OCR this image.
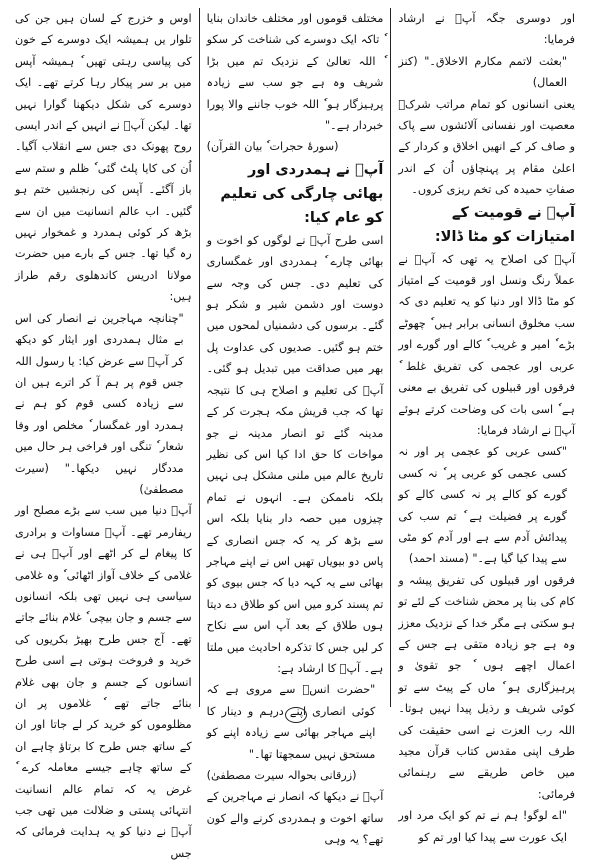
اور دوسری جگہ آپؐ نے ارشاد فرمایا:

"بعثت لاتمم مکارم الاخلاق۔" (کنز العمال)

یعنی انسانوں کو تمام مراتب شرکؔ معصیت اور نفسانی آلائشوں سے پاک و صاف کر کے انھیں اخلاق و کردار کے اعلیٰ مقام پر پہنچاؤں اُن کے اندر صفاتِ حمیدہ کی تخم ریزی کروں۔

آپؐ نے قومیت کے امتیازات کو مٹا ڈالا:

آپؐ کی اصلاح یہ تھی کہ آپؐ نے عملاً رنگ ونسل اور قومیت کے امتیاز کو مٹا ڈالا اور دنیا کو یہ تعلیم دی کہ سب مخلوق انسانی برابر ہیں ٗ چھوٹے بڑے ٗ امیر و غریب ٗ کالے اور گورے اور عربی اور عجمی کی تفریق غلط ٗ فرقوں اور قبیلوں کی تفریق بے معنی ہے ٗ اسی بات کی وضاحت کرتے ہوئے آپؐ نے ارشاد فرمایا:

"کسی عربی کو عجمی پر اور نہ کسی عجمی کو عربی پر ٗ نہ کسی گورے کو کالے پر نہ کسی کالے کو گورے پر فضیلت ہے ٗ تم سب کی پیدائش آدم سے ہے اور آدم کو مٹی سے پیدا کیا گیا ہے۔" (مسند احمد)

فرقوں اور قبیلوں کی تفریق پیشہ و کام کی بنا پر محض شناخت کے لئے تو ہو سکتی ہے مگر خدا کے نزدیک معزز وہ ہے جو زیادہ متقی ہے جس کے اعمال اچھے ہوں ٗ جو تقویٰ و پرہیزگاری ہو ٗ ماں کے پیٹ سے تو کوئی شریف و رذیل پیدا نہیں ہوتا۔ اللہ رب العزت نے اسی حقیقت کی طرف اپنی مقدس کتاب قرآن مجید میں خاص طریقے سے رہنمائی فرمائی:

"اے لوگو! ہم نے تم کو ایک مرد اور ایک عورت سے پیدا کیا اور تم کو

مختلف قوموں اور مختلف خاندان بنایا ٗ تاکہ ایک دوسرے کی شناخت کر سکو ٗ اللہ تعالیٰ کے نزدیک تم میں بڑا شریف وہ ہے جو سب سے زیادہ پرہیزگار ہو ٗ اللہ خوب جاننے والا پورا خبردار ہے۔"

(سورۂ حجرات ٗ بیان القرآن)

آپؐ نے ہمدردی اور بھائی چارگی کی تعلیم کو عام کیا:

اسی طرح آپؐ نے لوگوں کو اخوت و بھائی چارے ٗ ہمدردی اور غمگساری کی تعلیم دی۔ جس کی وجہ سے دوست اور دشمن شیر و شکر ہو گئے۔ برسوں کی دشمنیاں لمحوں میں ختم ہو گئیں۔ صدیوں کی عداوت پل بھر میں صداقت میں تبدیل ہو گئی۔ آپؐ کی تعلیم و اصلاح ہی کا نتیجہ تھا کہ جب قریش مکہ ہجرت کر کے مدینہ گئے تو انصار مدینہ نے جو مواخات کا حق ادا کیا اس کی نظیر تاریخ عالم میں ملنی مشکل ہی نہیں بلکہ ناممکن ہے۔ انہوں نے تمام چیزوں میں حصہ دار بنایا بلکہ اس سے بڑھ کر یہ کہ جس انصاری کے پاس دو بیویاں تھیں اس نے اپنے مہاجر بھائی سے یہ کہہ دیا کہ جس بیوی کو تم پسند کرو میں اس کو طلاق دے دیتا ہوں طلاق کے بعد آپ اس سے نکاح کر لیں جس کا تذکرہ احادیث میں ملتا ہے۔ آپؐ کا ارشاد ہے:

"حضرت انسؓ سے مروی ہے کہ کوئی انصاری اپنے درہم و دینار کا اپنے مہاجر بھائی سے زیادہ اپنے کو مستحق نہیں سمجھتا تھا۔"

(زرقانی بحوالہ سیرت مصطفیٰ)

آپؐ نے دیکھا کہ انصار نے مہاجرین کے ساتھ اخوت و ہمدردی کرنے والے کون تھے؟ یہ وہی

اوس و خزرج کے لسان ہیں جن کی تلوار یں ہمیشہ ایک دوسرے کے خون کی پیاسی رہتی تھیں ٗ ہمیشہ آپس میں بر سر پیکار رہا کرتے تھے۔ ایک دوسرے کی شکل دیکھنا گوارا نہیں تھا۔ لیکن آپؐ نے انہیں کے اندر ایسی روح پھونک دی جس سے انقلاب آگیا۔ اُن کی کایا پلٹ گئی ٗ ظلم و ستم سے باز آگئے۔ آپس کی رنجشیں ختم ہو گئیں۔ اب عالم انسانیت میں ان سے بڑھ کر کوئی ہمدرد و غمخوار نہیں رہ گیا تھا۔ جس کے بارے میں حضرت مولانا ادریس کاندھلوی رقم طراز ہیں:

"چنانچہ مہاجرین نے انصار کی اس بے مثال ہمدردی اور ایثار کو دیکھ کر آپؐ سے عرض کیا: یا رسول اللہ جس قوم پر ہم آ کر اترے ہیں ان سے زیادہ کسی قوم کو ہم نے ہمدرد اور غمگسار ٗ مخلص اور وفا شعار ٗ تنگی اور فراخی ہر حال میں مددگار نہیں دیکھا۔" (سیرت مصطفیٰ)

آپؐ دنیا میں سب سے بڑے مصلح اور ریفارمر تھے۔ آپؐ مساوات و برادری کا پیغام لے کر اٹھے اور آپؐ ہی نے غلامی کے خلاف آواز اٹھائی ٗ وہ غلامی سیاسی ہی نہیں تھی بلکہ انسانوں سے جسم و جان بیچی ٗ غلام بنائے جاتے تھے۔ آج جس طرح بھیڑ بکریوں کی خرید و فروخت ہوتی ہے اسی طرح انسانوں کے جسم و جان بھی غلام بنائے جاتے تھے ٗ غلاموں پر ان مظلوموں کو خرید کر لے جاتا اور ان کے ساتھ جس طرح کا برتاؤ چاہے ان کے ساتھ چاہے جیسے معاملہ کرے ٗ غرض یہ کہ تمام عالم انسانیت انتہائی پستی و ضلالت میں تھی جب آپؐ نے دنیا کو یہ ہدایت فرمائی کہ جس
